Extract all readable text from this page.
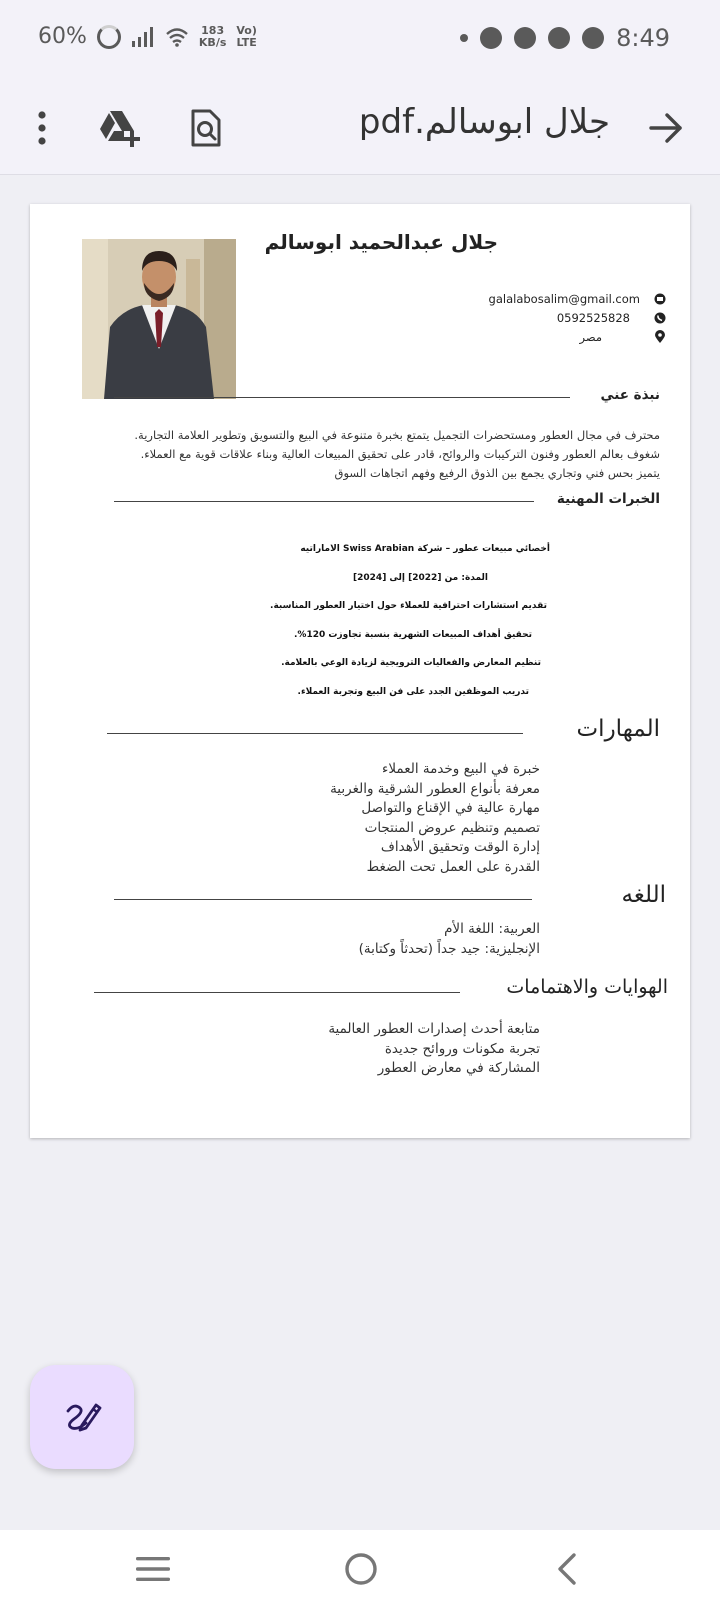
60%	183
KB/s
Vo)
LTE	8:49
جلال ابوسالم.pdf
جلال عبدالحميد ابوسالم
galalabosalim@gmail.com
0592525828
مصر
نبذة عني
محترف في مجال العطور ومستحضرات التجميل يتمتع بخبرة متنوعة في البيع والتسويق وتطوير العلامة التجارية. شغوف بعالم العطور وفنون التركيبات والروائح، قادر على تحقيق المبيعات العالية وبناء علاقات قوية مع العملاء. يتميز بحس فني وتجاري يجمع بين الذوق الرفيع وفهم اتجاهات السوق
الخبرات المهنية
أخصائي مبيعات عطور – شركة Swiss Arabian الاماراتيه
المدة: من [2022] إلى [2024]
تقديم استشارات احترافية للعملاء حول اختيار العطور المناسبة.
تحقيق أهداف المبيعات الشهرية بنسبة تجاوزت 120%.
تنظيم المعارض والفعاليات الترويجية لزيادة الوعي بالعلامة.
تدريب الموظفين الجدد على فن البيع وتجربة العملاء.
المهارات
خبرة في البيع وخدمة العملاء
معرفة بأنواع العطور الشرقية والغربية
مهارة عالية في الإقناع والتواصل
تصميم وتنظيم عروض المنتجات
إدارة الوقت وتحقيق الأهداف
القدرة على العمل تحت الضغط
اللغه
العربية: اللغة الأم
الإنجليزية: جيد جداً (تحدثاً وكتابة)
الهوايات والاهتمامات
متابعة أحدث إصدارات العطور العالمية
تجربة مكونات وروائح جديدة
المشاركة في معارض العطور
